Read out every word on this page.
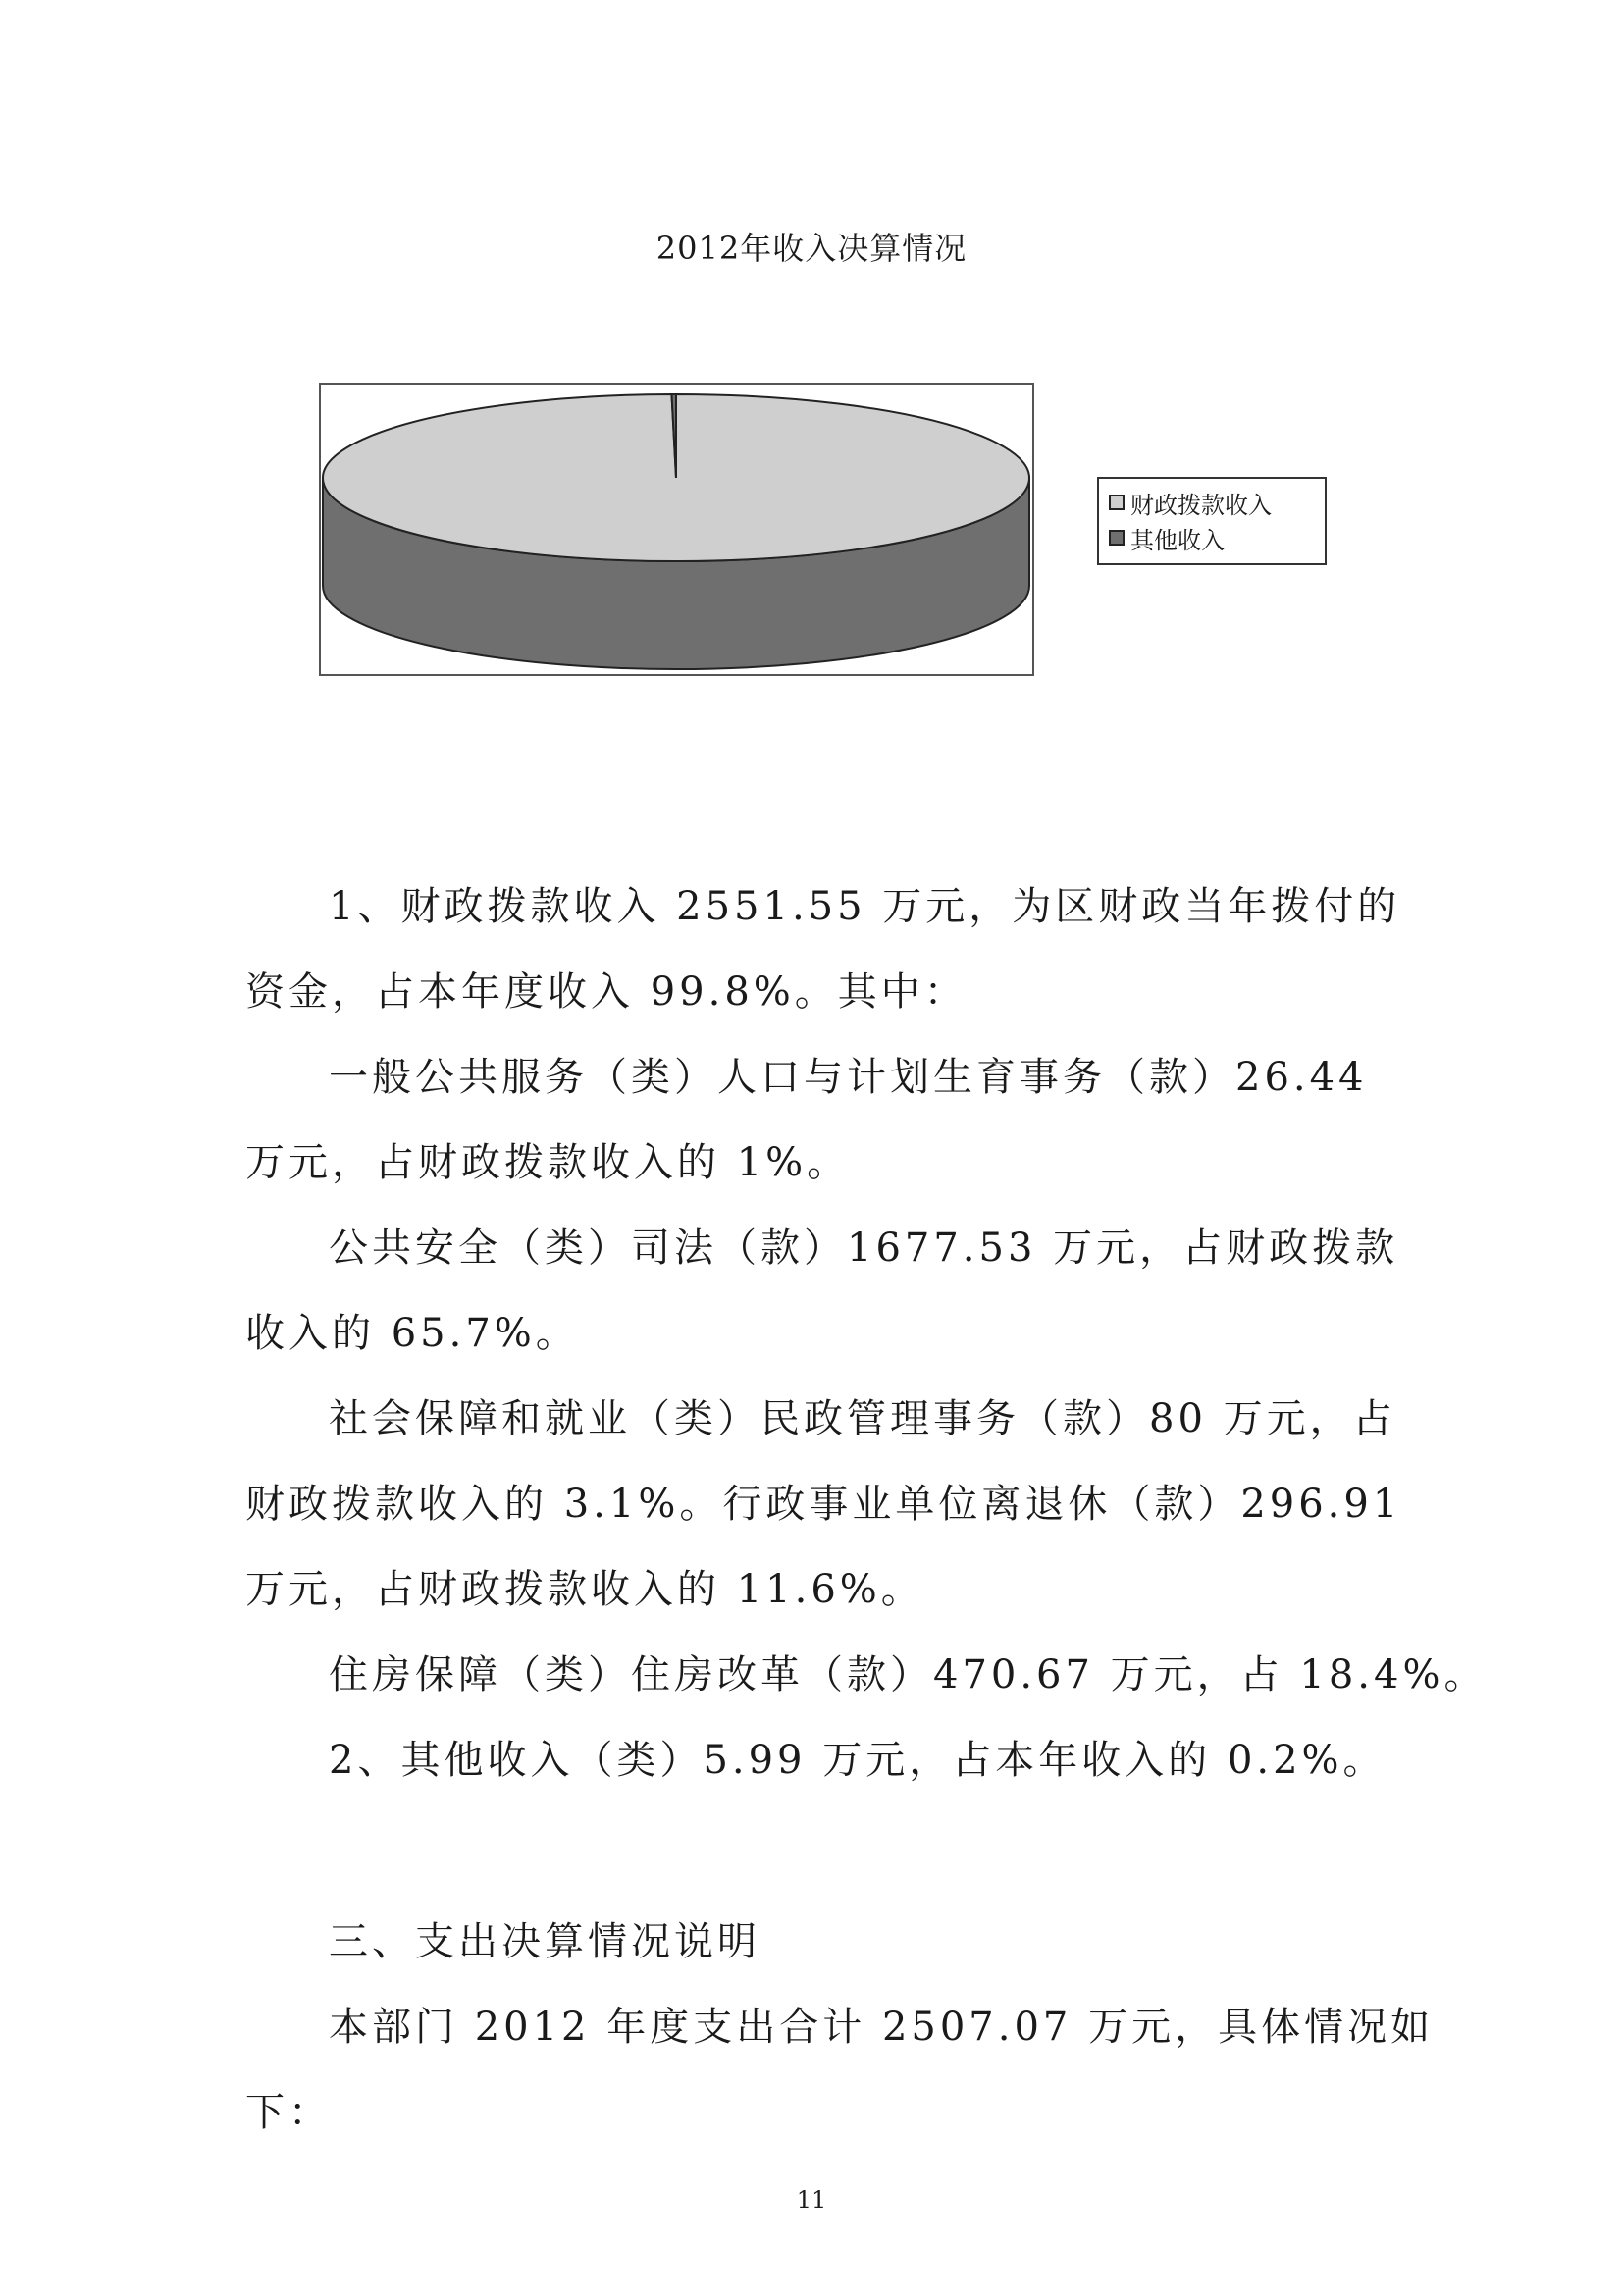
2012年收入决算情况
财政拨款收入
其他收入
1、财政拨款收入 2551.55 万元，为区财政当年拨付的
资金，占本年度收入 99.8%。其中：
一般公共服务（类）人口与计划生育事务（款）26.44
万元，占财政拨款收入的 1%。
公共安全（类）司法（款）1677.53 万元，占财政拨款
收入的 65.7%。
社会保障和就业（类）民政管理事务（款）80 万元，占
财政拨款收入的 3.1%。行政事业单位离退休（款）296.91
万元，占财政拨款收入的 11.6%。
住房保障（类）住房改革（款）470.67 万元，占 18.4%。
2、其他收入（类）5.99 万元，占本年收入的 0.2%。
三、支出决算情况说明
本部门 2012 年度支出合计 2507.07 万元，具体情况如
下：
11
